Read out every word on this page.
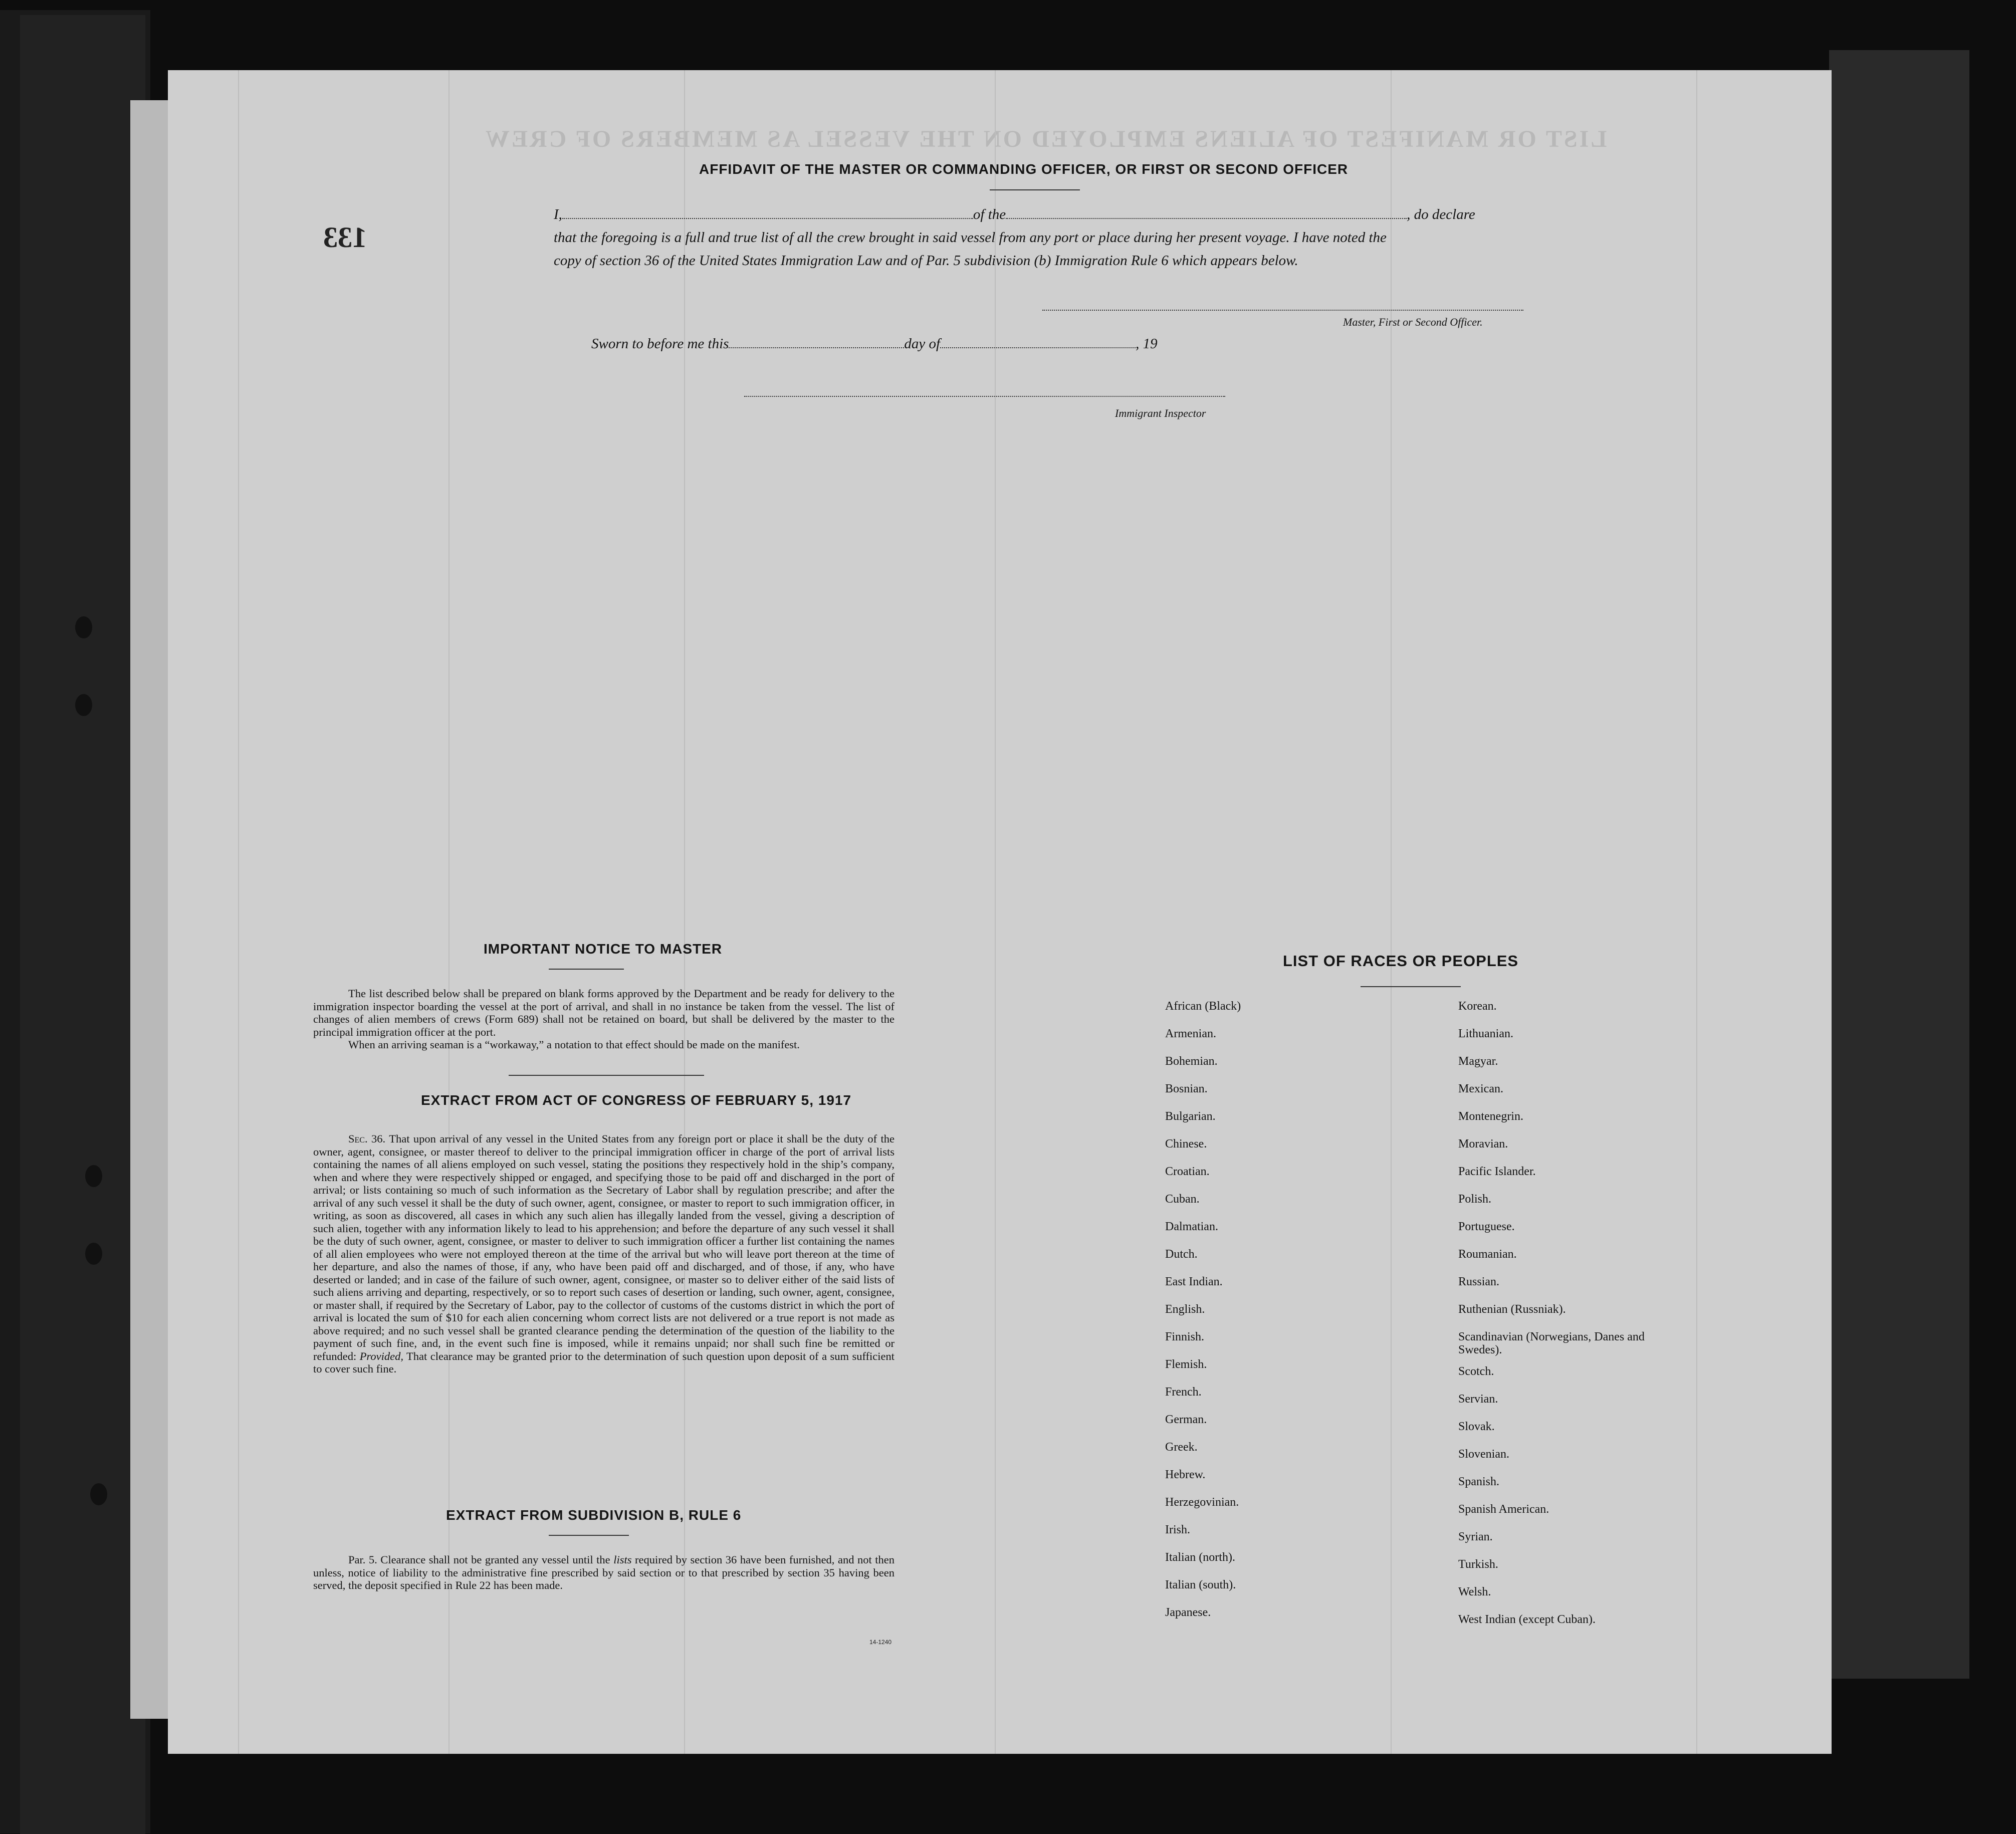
LIST OR MANIFEST OF ALIENS EMPLOYED ON THE VESSEL AS MEMBERS OF CREW
133
AFFIDAVIT OF THE MASTER OR COMMANDING OFFICER, OR FIRST OR SECOND OFFICER
I,	of the	, do declare
that the foregoing is a full and true list of all the crew brought in said vessel from any port or place during her present voyage. I have noted the
copy of section 36 of the United States Immigration Law and of Par. 5 subdivision (b) Immigration Rule 6 which appears below.
Master, First or Second Officer.
Sworn to before me this	day of	, 19
Immigrant Inspector
IMPORTANT NOTICE TO MASTER

The list described below shall be prepared on blank forms approved by the Department and be ready for delivery to the immigration inspector boarding the vessel at the port of arrival, and shall in no instance be taken from the vessel. The list of changes of alien members of crews (Form 689) shall not be retained on board, but shall be delivered by the master to the principal immigration officer at the port.

When an arriving seaman is a “workaway,” a notation to that effect should be made on the manifest.

EXTRACT FROM ACT OF CONGRESS OF FEBRUARY 5, 1917

Sec. 36. That upon arrival of any vessel in the United States from any foreign port or place it shall be the duty of the owner, agent, consignee, or master thereof to deliver to the principal immigration officer in charge of the port of arrival lists containing the names of all aliens employed on such vessel, stating the positions they respectively hold in the ship’s company, when and where they were respectively shipped or engaged, and specifying those to be paid off and discharged in the port of arrival; or lists containing so much of such information as the Secretary of Labor shall by regulation prescribe; and after the arrival of any such vessel it shall be the duty of such owner, agent, consignee, or master to report to such immigration officer, in writing, as soon as discovered, all cases in which any such alien has illegally landed from the vessel, giving a description of such alien, together with any information likely to lead to his apprehension; and before the departure of any such vessel it shall be the duty of such owner, agent, consignee, or master to deliver to such immigration officer a further list containing the names of all alien employees who were not employed thereon at the time of the arrival but who will leave port thereon at the time of her departure, and also the names of those, if any, who have been paid off and discharged, and of those, if any, who have deserted or landed; and in case of the failure of such owner, agent, consignee, or master so to deliver either of the said lists of such aliens arriving and departing, respectively, or so to report such cases of desertion or landing, such owner, agent, consignee, or master shall, if required by the Secretary of Labor, pay to the collector of customs of the customs district in which the port of arrival is located the sum of $10 for each alien concerning whom correct lists are not delivered or a true report is not made as above required; and no such vessel shall be granted clearance pending the determination of the question of the liability to the payment of such fine, and, in the event such fine is imposed, while it remains unpaid; nor shall such fine be remitted or refunded: Provided, That clearance may be granted prior to the determination of such question upon deposit of a sum sufficient to cover such fine.

EXTRACT FROM SUBDIVISION B, RULE 6

Par. 5. Clearance shall not be granted any vessel until the lists required by section 36 have been furnished, and not then unless, notice of liability to the administrative fine prescribed by said section or to that prescribed by section 35 having been served, the deposit specified in Rule 22 has been made.

14-1240
LIST OF RACES OR PEOPLES
African (Black)
Armenian.
Bohemian.
Bosnian.
Bulgarian.
Chinese.
Croatian.
Cuban.
Dalmatian.
Dutch.
East Indian.
English.
Finnish.
Flemish.
French.
German.
Greek.
Hebrew.
Herzegovinian.
Irish.
Italian (north).
Italian (south).
Japanese.
Korean.
Lithuanian.
Magyar.
Mexican.
Montenegrin.
Moravian.
Pacific Islander.
Polish.
Portuguese.
Roumanian.
Russian.
Ruthenian (Russniak).
Scandinavian (Norwegians, Danes and Swedes).
Scotch.
Servian.
Slovak.
Slovenian.
Spanish.
Spanish American.
Syrian.
Turkish.
Welsh.
West Indian (except Cuban).
